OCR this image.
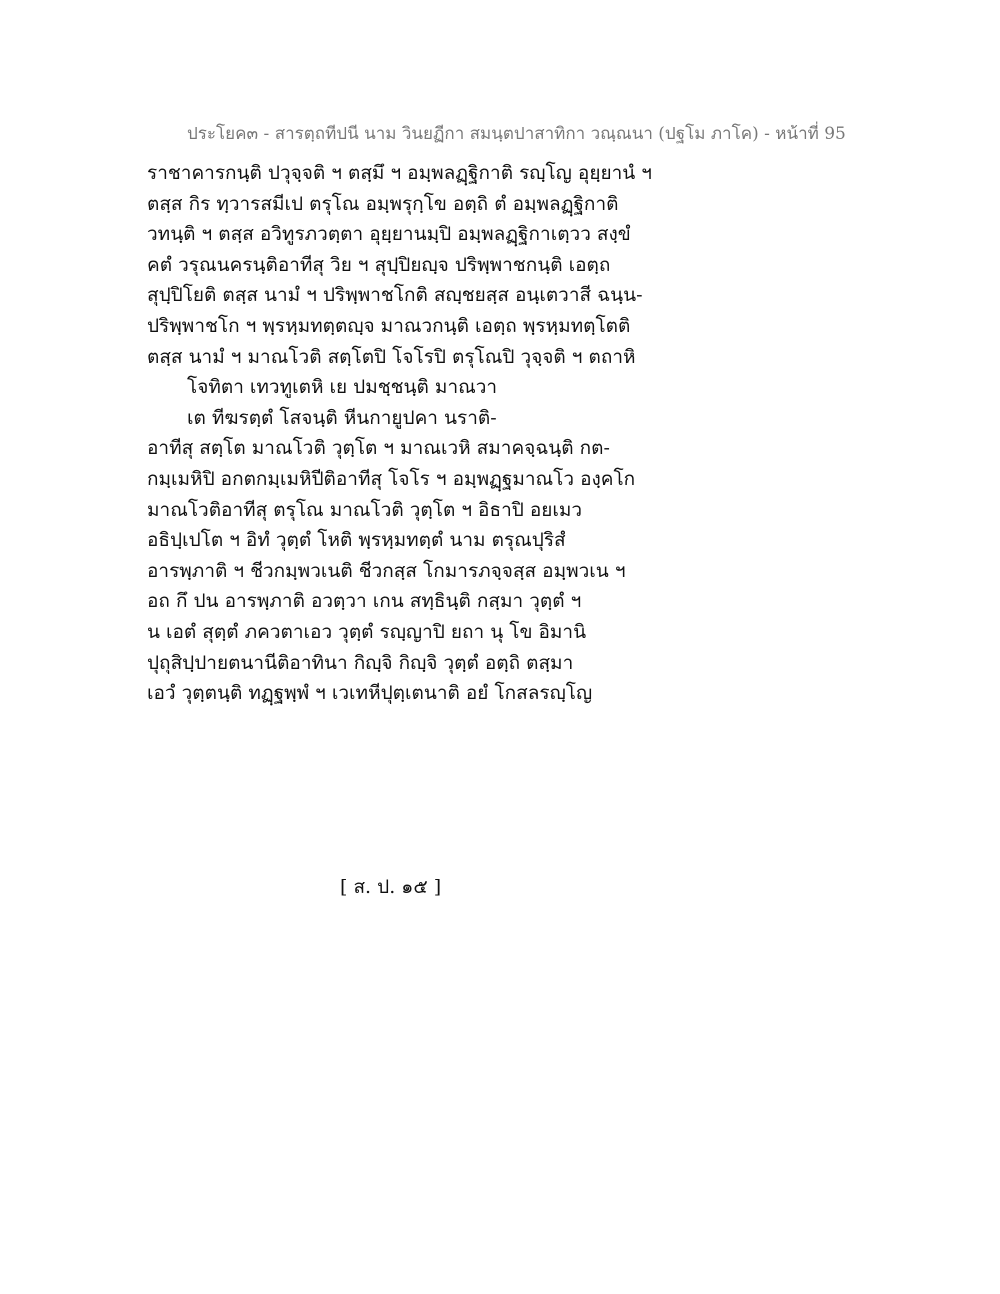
ประโยค๓ - สารตฺถทีปนี นาม วินยฏีกา สมนฺตปาสาทิกา วณฺณนา (ปฐโม ภาโค) - หน้าที่ 95
ราชาคารกนฺติ ปวุจฺจติ ฯ ตสฺมึ ฯ อมฺพลฏฺฐิกาติ รญฺโญ อุยฺยานํ ฯ
ตสฺส กิร ทฺวารสมีเป ตรุโณ อมฺพรุกฺโข อตฺถิ ตํ อมฺพลฏฺฐิกาติ
วทนฺติ ฯ ตสฺส อวิทูรภวตฺตา อุยฺยานมฺปิ อมฺพลฏฺฐิกาเตฺวว สงฺขํ
คตํ วรุณนครนฺติอาทีสุ วิย ฯ สุปฺปิยญฺจ ปริพฺพาชกนฺติ เอตฺถ
สุปฺปิโยติ ตสฺส นามํ ฯ ปริพฺพาชโกติ สญฺชยสฺส อนฺเตวาสี ฉนฺน-
ปริพฺพาชโก ฯ พฺรหฺมทตฺตญฺจ มาณวกนฺติ เอตฺถ พฺรหฺมทตฺโตติ
ตสฺส นามํ ฯ มาณโวติ สตฺโตปิ โจโรปิ ตรุโณปิ วุจฺจติ ฯ ตถาหิ
โจทิตา เทวทูเตหิ เย ปมชฺชนฺติ มาณวา
เต ทีฆรตฺตํ โสจนฺติ หีนกายูปคา นราติ-
อาทีสุ สตฺโต มาณโวติ วุตฺโต ฯ มาณเวหิ สมาคจฺฉนฺติ กต-
กมฺเมหิปิ อกตกมฺเมหิปีติอาทีสุ โจโร ฯ อมฺพฏฺฐมาณโว องฺคโก
มาณโวติอาทีสุ ตรุโณ มาณโวติ วุตฺโต ฯ อิธาปิ อยเมว
อธิปฺเปโต ฯ อิทํ วุตฺตํ โหติ พฺรหฺมทตฺตํ นาม ตรุณปุริสํ
อารพฺภาติ ฯ ชีวกมฺพวเนติ ชีวกสฺส โกมารภจฺจสฺส อมฺพวเน ฯ
อถ กึ ปน อารพฺภาติ อวตฺวา เกน สทฺธินฺติ กสฺมา วุตฺตํ ฯ
น เอตํ สุตฺตํ ภควตาเอว วุตฺตํ รญฺญาปิ ยถา นุ โข อิมานิ
ปุถุสิปฺปายตนานีติอาทินา กิญฺจิ กิญฺจิ วุตฺตํ อตฺถิ ตสฺมา
เอวํ วุตฺตนฺติ ทฏฺฐพฺพํ ฯ เวเทหีปุตฺเตนาติ อยํ โกสลรญฺโญ
[ ส. ป. ๑๕ ]
